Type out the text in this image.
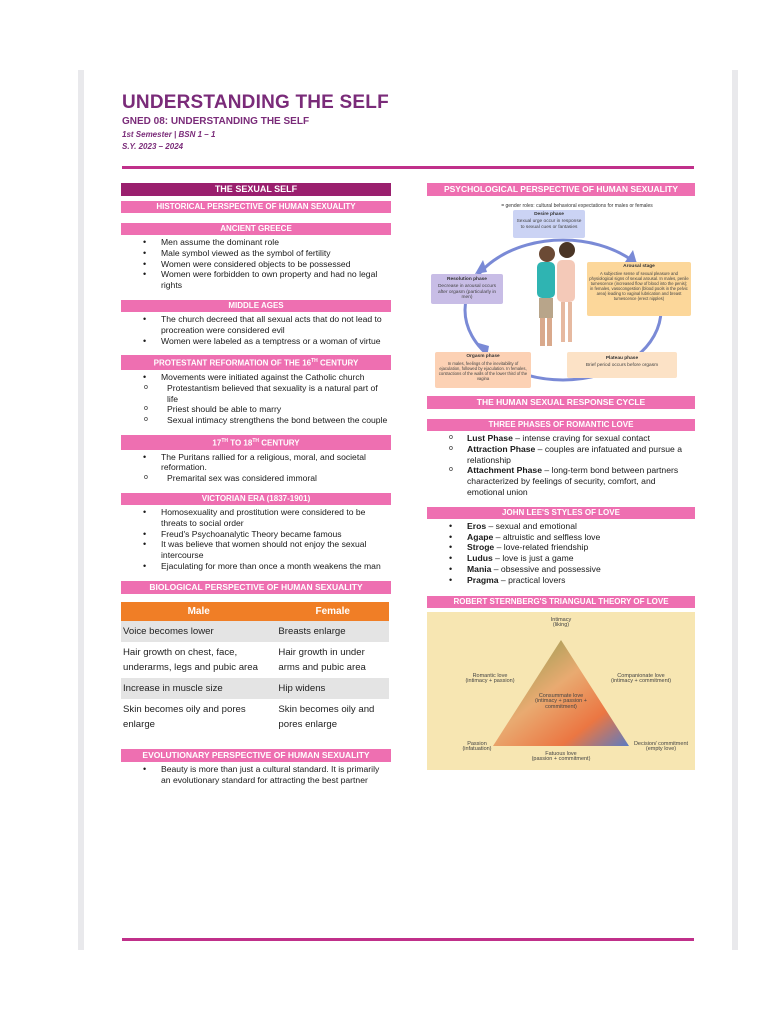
UNDERSTANDING THE SELF
GNED 08: UNDERSTANDING THE SELF
1st Semester | BSN 1 – 1
S.Y. 2023 – 2024
THE SEXUAL SELF
HISTORICAL PERSPECTIVE OF HUMAN SEXUALITY
ANCIENT GREECE
• Men assume the dominant role
• Male symbol viewed as the symbol of fertility
• Women were considered objects to be possessed
• Women were forbidden to own property and had no legal rights
MIDDLE AGES
• The church decreed that all sexual acts that do not lead to procreation were considered evil
• Women were labeled as a temptress or a woman of virtue
PROTESTANT REFORMATION OF THE 16TH CENTURY
• Movements were initiated against the Catholic church
o Protestantism believed that sexuality is a natural part of life
o Priest should be able to marry
o Sexual intimacy strengthens the bond between the couple
17TH TO 18TH CENTURY
• The Puritans rallied for a religious, moral, and societal reformation.
o Premarital sex was considered immoral
VICTORIAN ERA (1837-1901)
• Homosexuality and prostitution were considered to be threats to social order
• Freud's Psychoanalytic Theory became famous
• It was believe that women should not enjoy the sexual intercourse
• Ejaculating for more than once a month weakens the man
BIOLOGICAL PERSPECTIVE OF HUMAN SEXUALITY
Male	Female
Voice becomes lower	Breasts enlarge
Hair growth on chest, face, underarms, legs and pubic area	Hair growth in under arms and pubic area
Increase in muscle size	Hip widens
Skin becomes oily and pores enlarge	Skin becomes oily and pores enlarge
EVOLUTIONARY PERSPECTIVE OF HUMAN SEXUALITY
• Beauty is more than just a cultural standard. It is primarily an evolutionary standard for attracting the best partner
PSYCHOLOGICAL PERSPECTIVE OF HUMAN SEXUALITY
= gender roles: cultural behavioral expectations for males or females
Desire phase
Sexual urge occur in response to sexual cues or fantasies
Arousal stage
A subjective sense of sexual pleasure and physiological signs of sexual arousal. In males, penile tumescence (increased flow of blood into the penis); in females, vasocongestion (blood pools in the pelvic area) leading to vaginal lubrication and breast tumescence (erect nipples)
Resolution phase
Decrease in arousal occurs after orgasm (particularly in men)
Orgasm phase
In males, feelings of the inevitability of ejaculation, followed by ejaculation. In females, contractions of the walls of the lower third of the vagina
Plateau phase
Brief period occurs before orgasm
THE HUMAN SEXUAL RESPONSE CYCLE
THREE PHASES OF ROMANTIC LOVE
o Lust Phase – intense craving for sexual contact
o Attraction Phase – couples are infatuated and pursue a relationship
o Attachment Phase – long-term bond between partners characterized by feelings of security, comfort, and emotional union
JOHN LEE'S STYLES OF LOVE
• Eros – sexual and emotional
• Agape – altruistic and selfless love
• Stroge – love-related friendship
• Ludus – love is just a game
• Mania – obsessive and possessive
• Pragma – practical lovers
ROBERT STERNBERG'S TRIANGUAL THEORY OF LOVE
Intimacy
(liking)
Romantic love
(intimacy + passion)
Companionate love
(intimacy + commitment)
Consummate love
(intimacy + passion + commitment)
Passion
(infatuation)
Fatuous love
(passion + commitment)
Decision/ commitment
(empty love)
